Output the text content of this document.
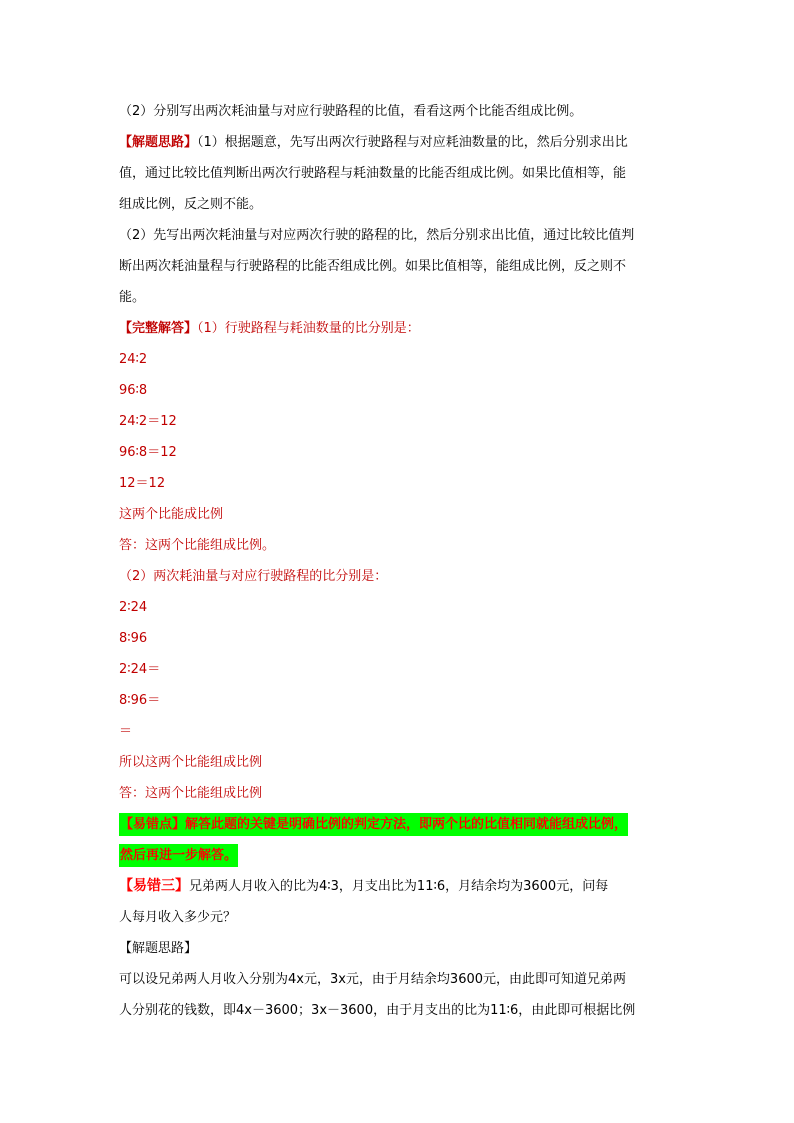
（2）分别写出两次耗油量与对应行驶路程的比值，看看这两个比能否组成比例。
【解题思路】（1）根据题意，先写出两次行驶路程与对应耗油数量的比，然后分别求出比
值，通过比较比值判断出两次行驶路程与耗油数量的比能否组成比例。如果比值相等，能
组成比例，反之则不能。
（2）先写出两次耗油量与对应两次行驶的路程的比，然后分别求出比值，通过比较比值判
断出两次耗油量程与行驶路程的比能否组成比例。如果比值相等，能组成比例，反之则不
能。
【完整解答】（1）行驶路程与耗油数量的比分别是：
24∶2
96∶8
24∶2＝12
96∶8＝12
12＝12
这两个比能成比例
答：这两个比能组成比例。
（2）两次耗油量与对应行驶路程的比分别是：
2∶24
8∶96
2∶24＝
8∶96＝
＝
所以这两个比能组成比例
答：这两个比能组成比例
【易错点】解答此题的关键是明确比例的判定方法，即两个比的比值相同就能组成比例，
然后再进一步解答。
【易错三】兄弟两人月收入的比为4∶3，月支出比为11∶6，月结余均为3600元，问每
人每月收入多少元？
【解题思路】
可以设兄弟两人月收入分别为4x元，3x元，由于月结余均3600元，由此即可知道兄弟两
人分别花的钱数，即4x－3600；3x－3600，由于月支出的比为11∶6，由此即可根据比例
